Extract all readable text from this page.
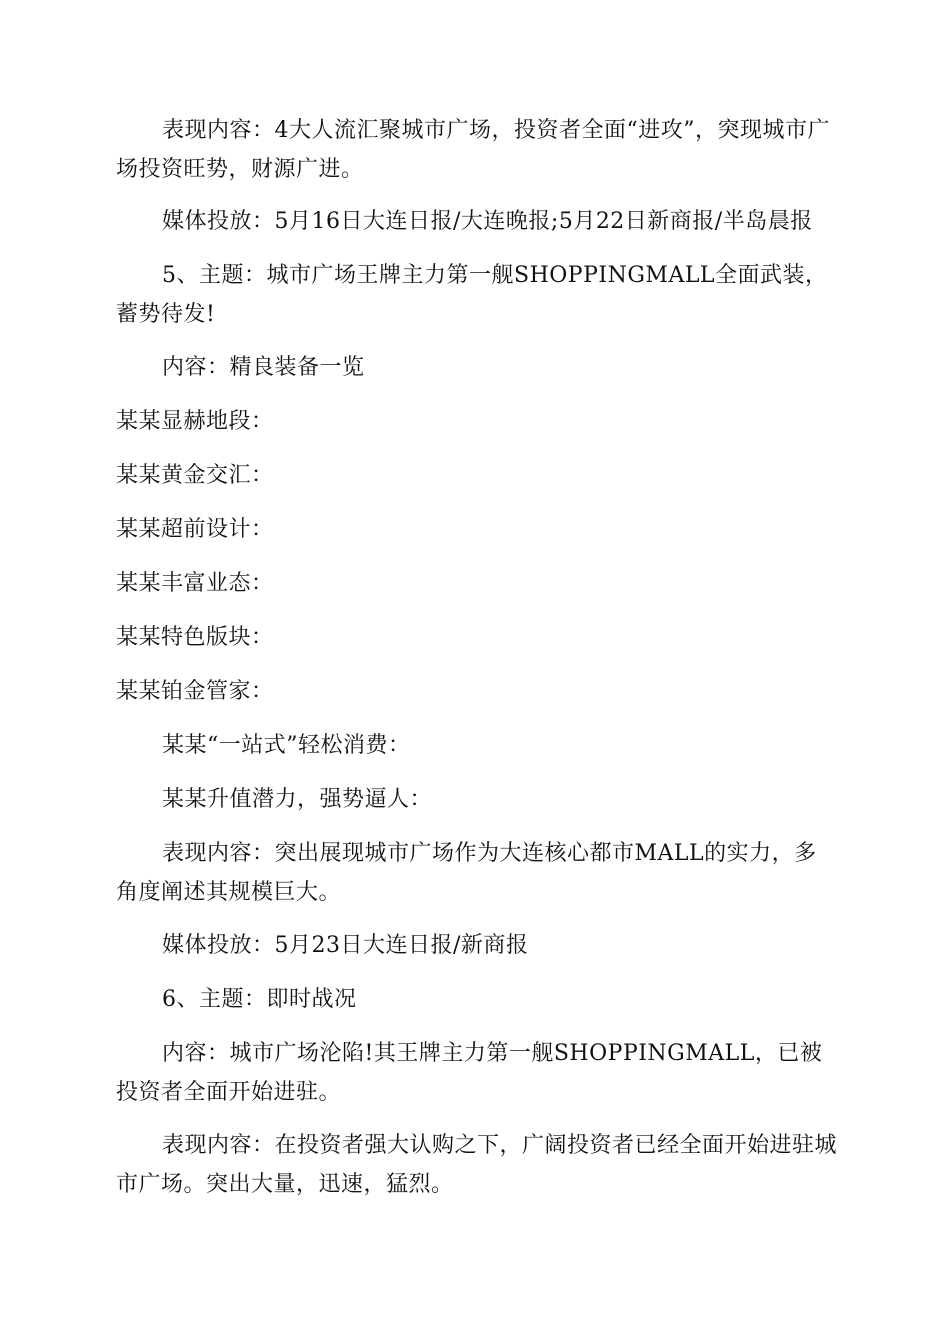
表现内容：4大人流汇聚城市广场，投资者全面“进攻”，突现城市广场投资旺势，财源广进。

媒体投放：5月16日大连日报/大连晚报;5月22日新商报/半岛晨报

5、主题：城市广场王牌主力第一舰SHOPPINGMALL全面武装，蓄势待发!

内容：精良装备一览

某某显赫地段：

某某黄金交汇：

某某超前设计：

某某丰富业态：

某某特色版块：

某某铂金管家：

某某“一站式”轻松消费：

某某升值潜力，强势逼人：

表现内容：突出展现城市广场作为大连核心都市MALL的实力，多角度阐述其规模巨大。

媒体投放：5月23日大连日报/新商报

6、主题：即时战况

内容：城市广场沦陷!其王牌主力第一舰SHOPPINGMALL，已被投资者全面开始进驻。

表现内容：在投资者强大认购之下，广阔投资者已经全面开始进驻城市广场。突出大量，迅速，猛烈。
